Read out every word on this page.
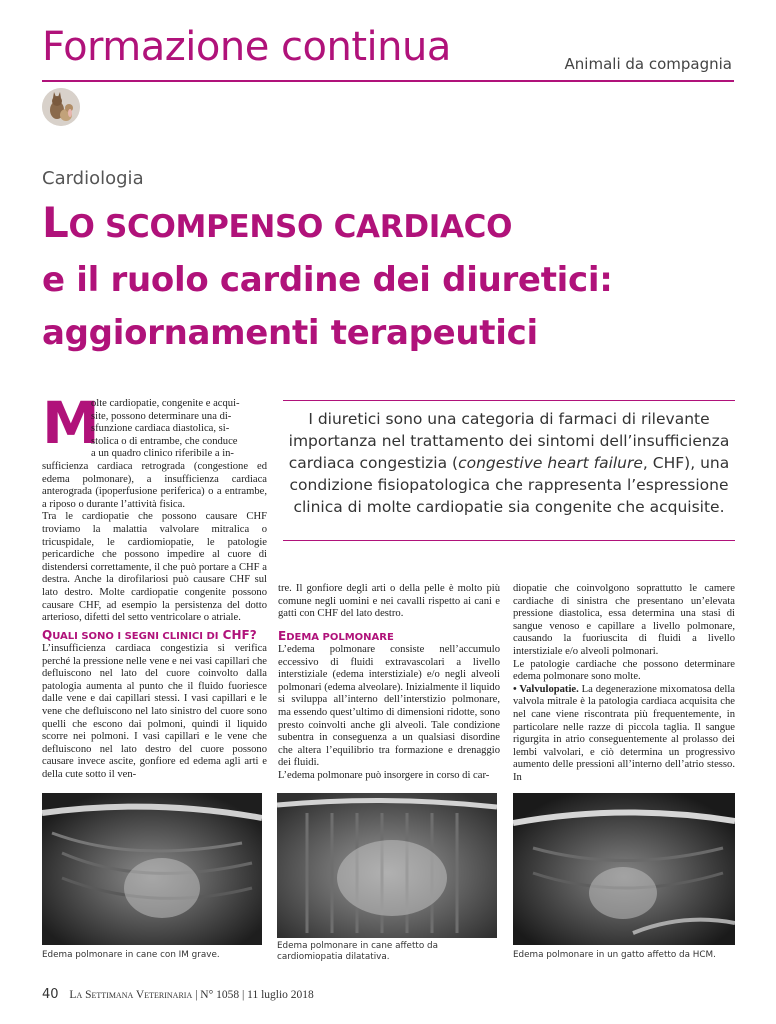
Formazione continua	Animali da compagnia
Cardiologia
LO SCOMPENSO CARDIACO
e il ruolo cardine dei diuretici:
aggiornamenti terapeutici
M

olte cardiopatie, congenite e acqui-

site, possono determinare una di-

sfunzione cardiaca diastolica, si-

stolica o di entrambe, che conduce

a un quadro clinico riferibile a in-

sufficienza cardiaca retrograda (congestione ed edema polmonare), a insufficienza cardiaca anterograda (ipoperfusione periferica) o a entrambe, a riposo o durante l’attività fisica.

Tra le cardiopatie che possono causare CHF troviamo la malattia valvolare mitralica o tricuspidale, le cardiomiopatie, le patologie pericardiche che possono impedire al cuore di distendersi correttamente, il che può portare a CHF a destra. Anche la dirofilariosi può causare CHF sul lato destro. Molte cardiopatie congenite possono causare CHF, ad esempio la persistenza del dotto arterioso, difetti del setto ventricolare o atriale.

QUALI SONO I SEGNI CLINICI DI CHF?

L’insufficienza cardiaca congestizia si verifica perché la pressione nelle vene e nei vasi capillari che defluiscono nel lato del cuore coinvolto dalla patologia aumenta al punto che il fluido fuoriesce dalle vene e dai capillari stessi. I vasi capillari e le vene che defluiscono nel lato sinistro del cuore sono quelli che escono dai polmoni, quindi il liquido scorre nei polmoni. I vasi capillari e le vene che defluiscono nel lato destro del cuore possono causare invece ascite, gonfiore ed edema agli arti e della cute sotto il ven-

I diuretici sono una categoria di farmaci di rilevante importanza nel trattamento dei sintomi dell’insufficienza cardiaca congestizia (congestive heart failure, CHF), una condizione fisiopatologica che rappresenta l’espressione clinica di molte cardiopatie sia congenite che acquisite.

tre. Il gonfiore degli arti o della pelle è molto più comune negli uomini e nei cavalli rispetto ai cani e gatti con CHF del lato destro.

EDEMA POLMONARE

L’edema polmonare consiste nell’accumulo eccessivo di fluidi extravascolari a livello interstiziale (edema interstiziale) e/o negli alveoli polmonari (edema alveolare). Inizialmente il liquido si sviluppa all’interno dell’interstizio polmonare, ma essendo quest’ultimo di dimensioni ridotte, sono presto coinvolti anche gli alveoli. Tale condizione subentra in conseguenza a un qualsiasi disordine che altera l’equilibrio tra formazione e drenaggio dei fluidi.

L’edema polmonare può insorgere in corso di car-

diopatie che coinvolgono soprattutto le camere cardiache di sinistra che presentano un’elevata pressione diastolica, essa determina una stasi di sangue venoso e capillare a livello polmonare, causando la fuoriuscita di fluidi a livello interstiziale e/o alveoli polmonari.

Le patologie cardiache che possono determinare edema polmonare sono molte.

• Valvulopatie. La degenerazione mixomatosa della valvola mitrale è la patologia cardiaca acquisita che nel cane viene riscontrata più frequentemente, in particolare nelle razze di piccola taglia. Il sangue rigurgita in atrio conseguentemente al prolasso dei lembi valvolari, e ciò determina un progressivo aumento delle pressioni all’interno dell’atrio stesso. In

Edema polmonare in cane con IM grave.
Edema polmonare in cane affetto da cardiomiopatia dilatativa.	Edema polmonare in un gatto affetto da HCM.
40 La Settimana Veterinaria | N° 1058 | 11 luglio 2018
